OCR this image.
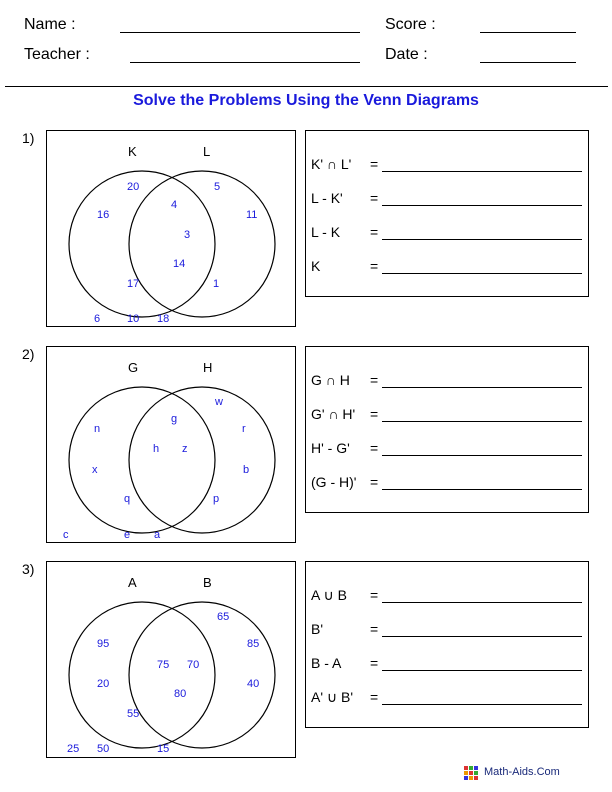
Name :	Score :
Teacher :	Date :
Solve the Problems Using the Venn Diagrams
1)
K	L
20
16
17
4
3
14
5
11
1
6 10 18
K' ∩ L' =
L - K' =
L - K =
K	=
2)
G	H
n
x
q
g
h z
w
r
b
p
c	e a
G ∩ H =
G' ∩ H' =
H' - G' =
(G - H)' =
3)
A	B
95
20
55
75 70
80
65
85
40
25 50	15
A ∪ B =
B'	=
B - A =
A' ∪ B' =
Math-Aids.Com
